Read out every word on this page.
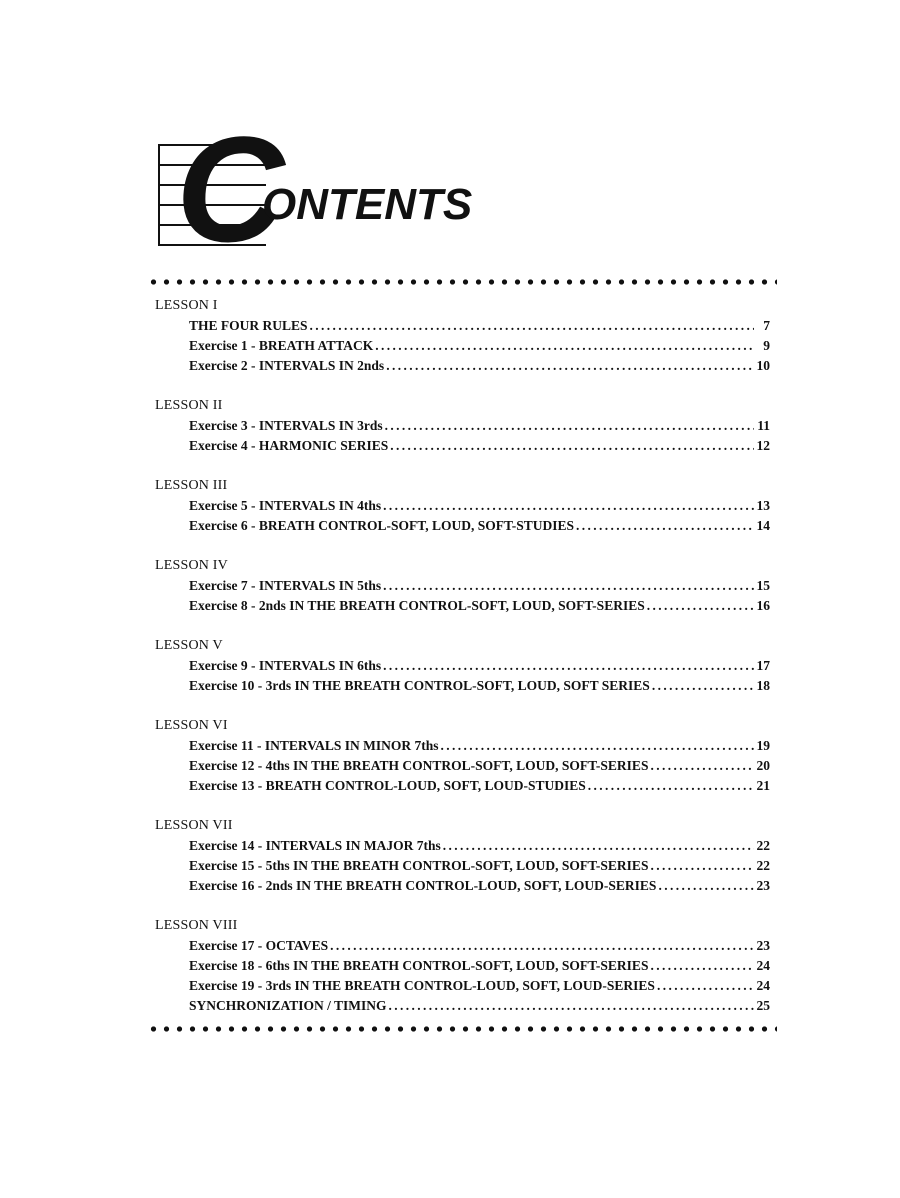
C
ONTENTS
LESSON I
THE FOUR RULES . . .	7
Exercise 1 - BREATH ATTACK . . .	9
Exercise 2 - INTERVALS IN 2nds . . .	10
LESSON II
Exercise 3 - INTERVALS IN 3rds . . .	11
Exercise 4 - HARMONIC SERIES . . .	12
LESSON III
Exercise 5 - INTERVALS IN 4ths . . .	13
Exercise 6 - BREATH CONTROL-SOFT, LOUD, SOFT-STUDIES . . .	14
LESSON IV
Exercise 7 - INTERVALS IN 5ths . . .	15
Exercise 8 - 2nds IN THE BREATH CONTROL-SOFT, LOUD, SOFT-SERIES . . .	16
LESSON V
Exercise 9 - INTERVALS IN 6ths . . .	17
Exercise 10 - 3rds IN THE BREATH CONTROL-SOFT, LOUD, SOFT SERIES . . .	18
LESSON VI
Exercise 11 - INTERVALS IN MINOR 7ths . . .	19
Exercise 12 - 4ths IN THE BREATH CONTROL-SOFT, LOUD, SOFT-SERIES . . .	20
Exercise 13 - BREATH CONTROL-LOUD, SOFT, LOUD-STUDIES . . .	21
LESSON VII
Exercise 14 - INTERVALS IN MAJOR 7ths . . .	22
Exercise 15 - 5ths IN THE BREATH CONTROL-SOFT, LOUD, SOFT-SERIES . . .	22
Exercise 16 - 2nds IN THE BREATH CONTROL-LOUD, SOFT, LOUD-SERIES . . .	23
LESSON VIII
Exercise 17 - OCTAVES . . .	23
Exercise 18 - 6ths IN THE BREATH CONTROL-SOFT, LOUD, SOFT-SERIES . . .	24
Exercise 19 - 3rds IN THE BREATH CONTROL-LOUD, SOFT, LOUD-SERIES . . .	24
SYNCHRONIZATION / TIMING . . .	25
